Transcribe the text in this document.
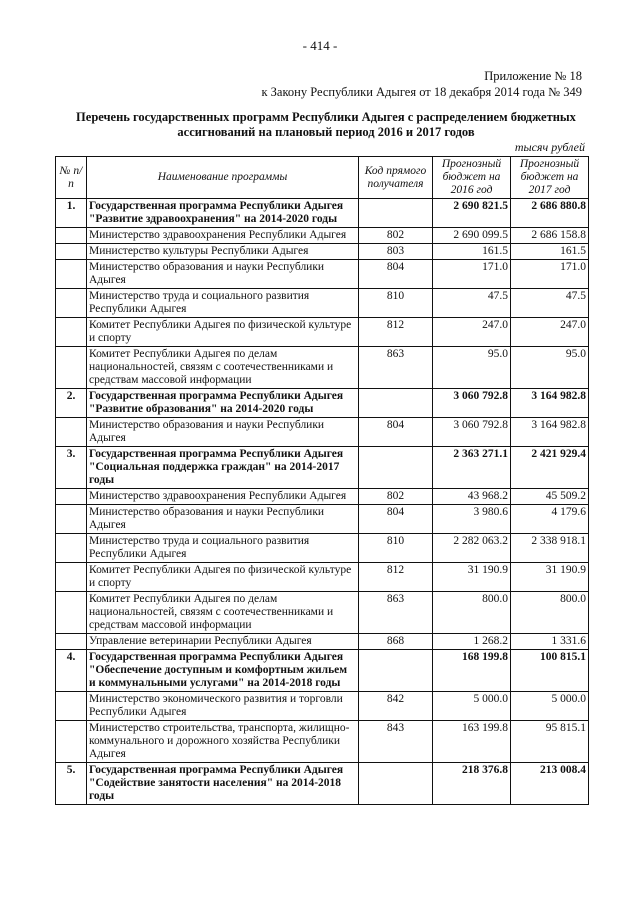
- 414 -
Приложение № 18
к Закону Республики Адыгея от 18 декабря 2014 года № 349
Перечень государственных программ Республики Адыгея с распределением бюджетных ассигнований на плановый период 2016 и 2017 годов
тысяч рублей
№ п/п	Наименование программы	Код прямого получателя	Прогнозный бюджет на 2016 год	Прогнозный бюджет на 2017 год
1.	Государственная программа Республики Адыгея "Развитие здравоохранения" на 2014-2020 годы		2 690 821.5	2 686 880.8
	Министерство здравоохранения Республики Адыгея	802	2 690 099.5	2 686 158.8
	Министерство культуры Республики Адыгея	803	161.5	161.5
	Министерство образования и науки Республики Адыгея	804	171.0	171.0
	Министерство труда и социального развития Республики Адыгея	810	47.5	47.5
	Комитет Республики Адыгея по физической культуре и спорту	812	247.0	247.0
	Комитет Республики Адыгея по делам национальностей, связям с соотечественниками и средствам массовой информации	863	95.0	95.0
2.	Государственная программа Республики Адыгея "Развитие образования" на 2014-2020 годы		3 060 792.8	3 164 982.8
	Министерство образования и науки Республики Адыгея	804	3 060 792.8	3 164 982.8
3.	Государственная программа Республики Адыгея "Социальная поддержка граждан" на 2014-2017 годы		2 363 271.1	2 421 929.4
	Министерство здравоохранения Республики Адыгея	802	43 968.2	45 509.2
	Министерство образования и науки Республики Адыгея	804	3 980.6	4 179.6
	Министерство труда и социального развития Республики Адыгея	810	2 282 063.2	2 338 918.1
	Комитет Республики Адыгея по физической культуре и спорту	812	31 190.9	31 190.9
	Комитет Республики Адыгея по делам национальностей, связям с соотечественниками и средствам массовой информации	863	800.0	800.0
	Управление ветеринарии Республики Адыгея	868	1 268.2	1 331.6
4.	Государственная программа Республики Адыгея "Обеспечение доступным и комфортным жильем и коммунальными услугами" на 2014-2018 годы		168 199.8	100 815.1
	Министерство экономического развития и торговли Республики Адыгея	842	5 000.0	5 000.0
	Министерство строительства, транспорта, жилищно-коммунального и дорожного хозяйства Республики Адыгея	843	163 199.8	95 815.1
5.	Государственная программа Республики Адыгея "Содействие занятости населения" на 2014-2018 годы		218 376.8	213 008.4
